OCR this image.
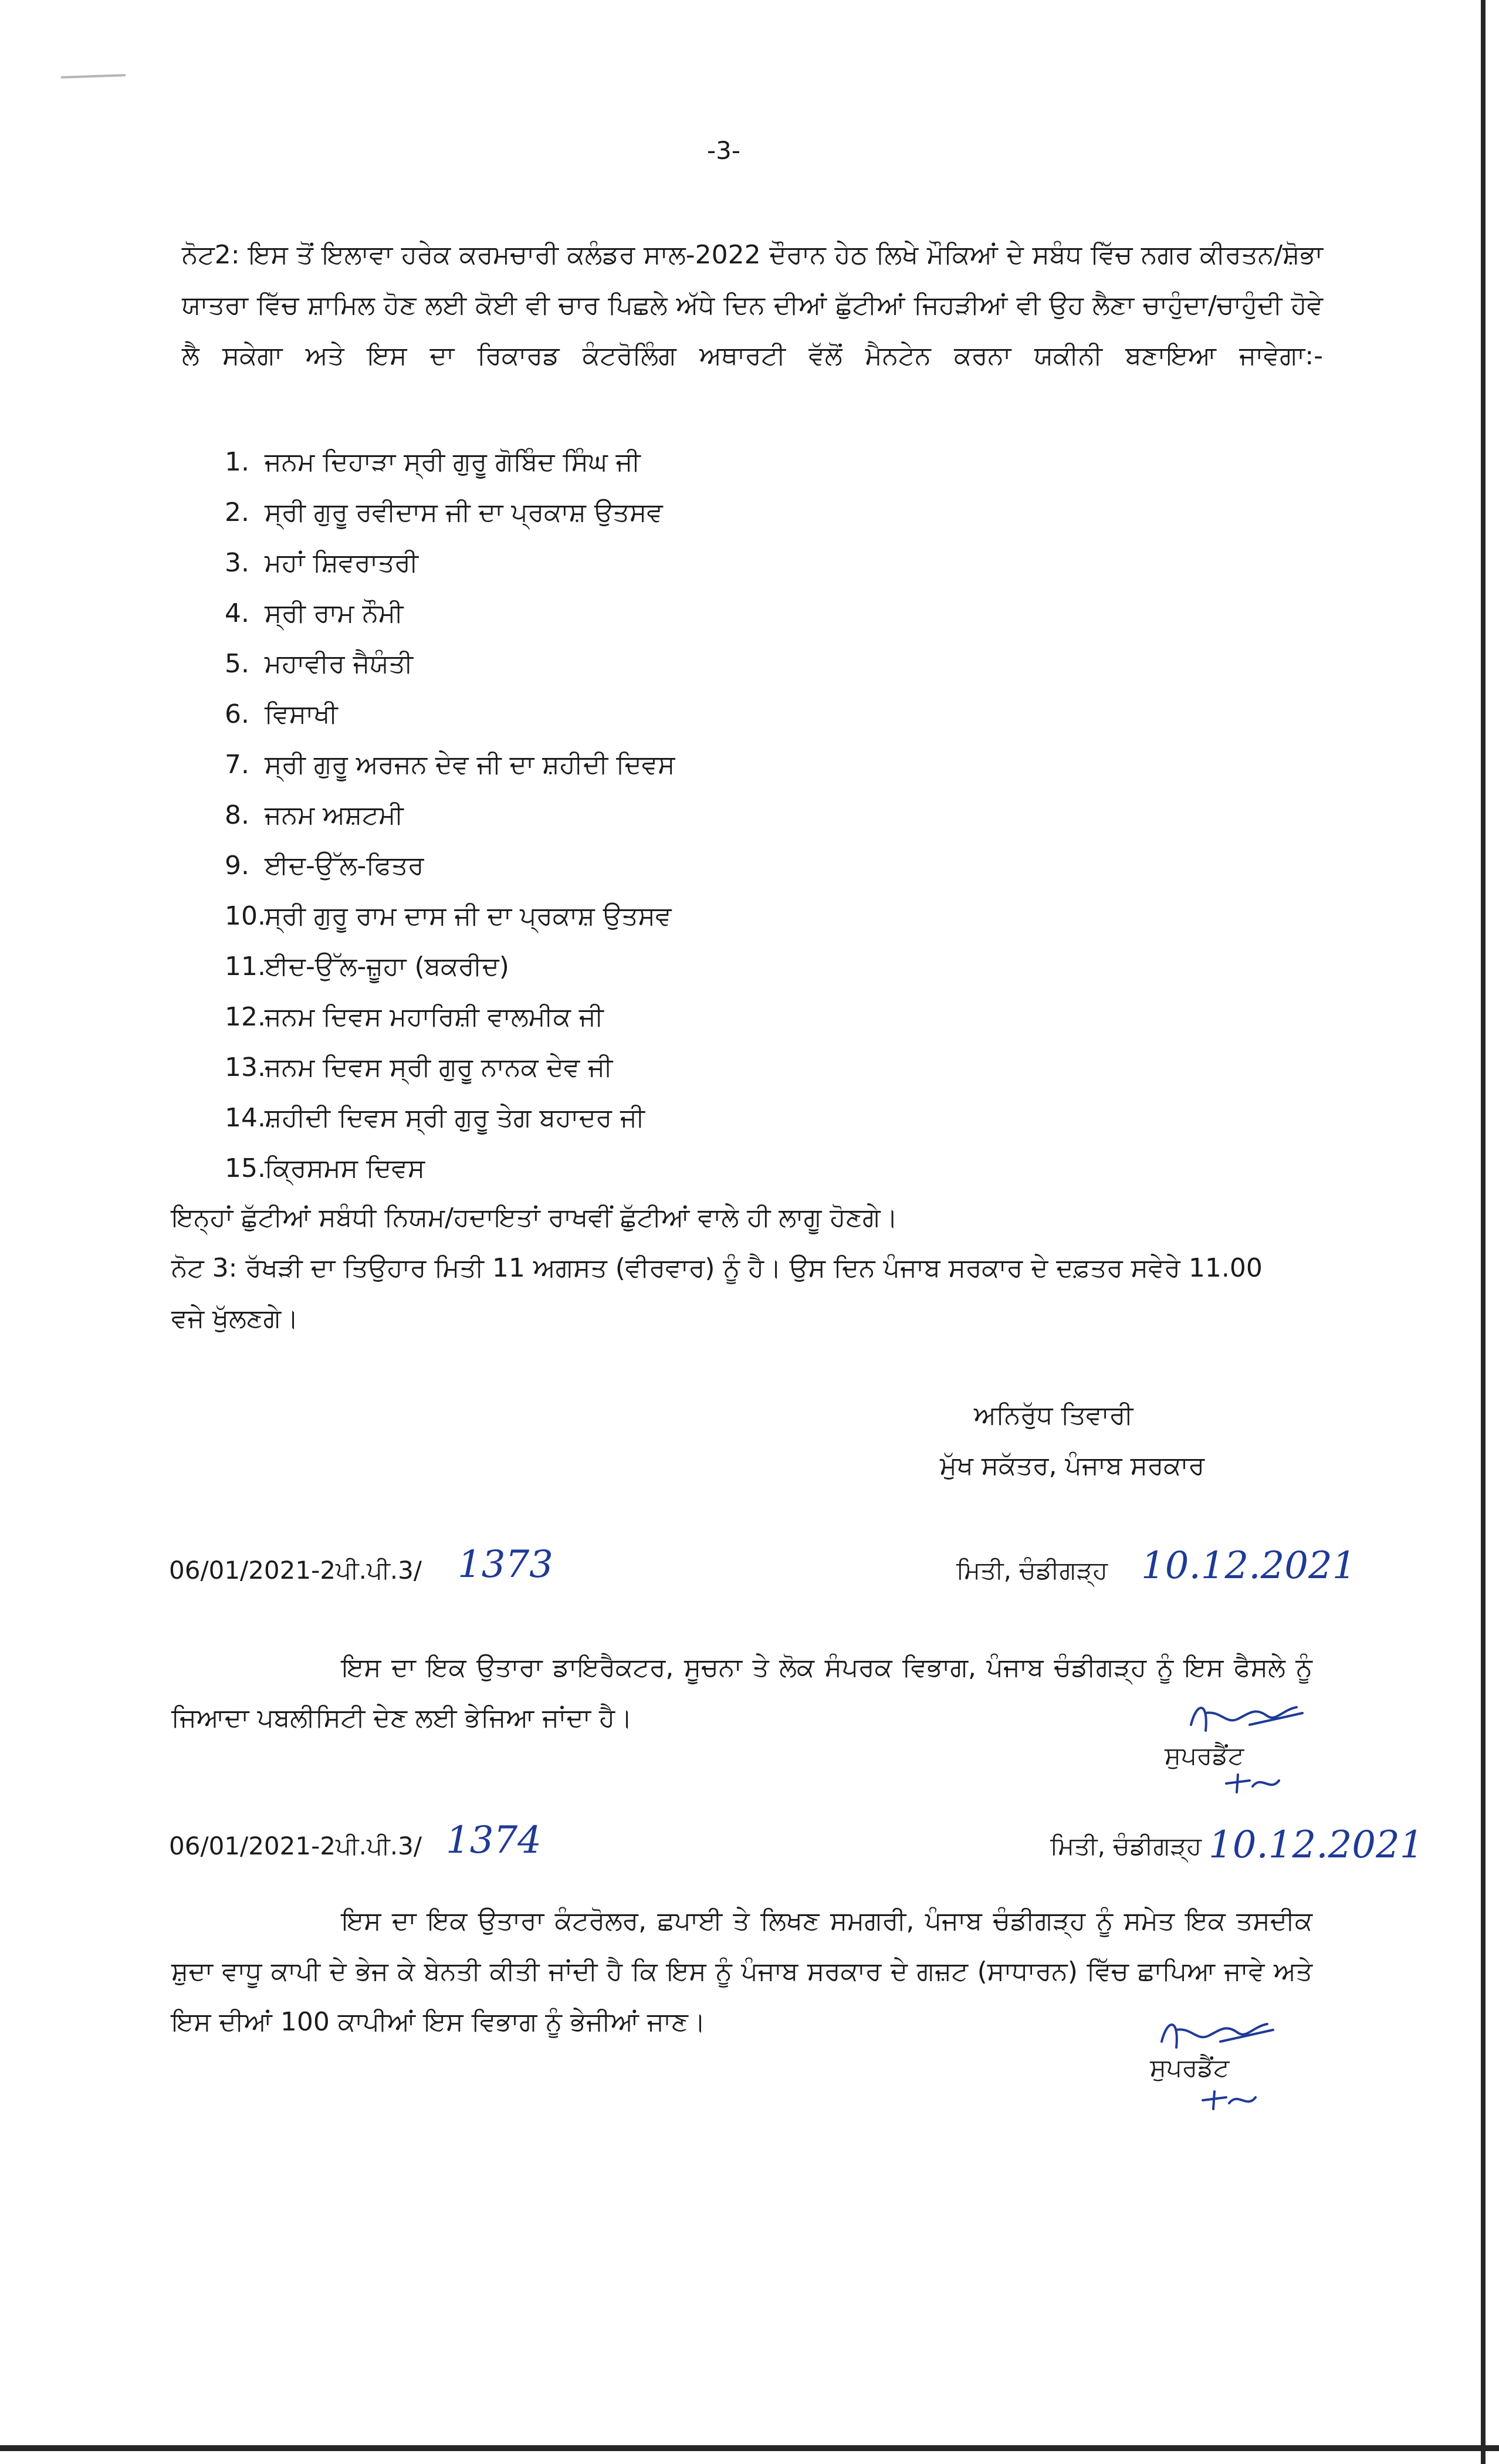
-3-

ਨੋਟ2: ਇਸ ਤੋਂ ਇਲਾਵਾ ਹਰੇਕ ਕਰਮਚਾਰੀ ਕਲੰਡਰ ਸਾਲ-2022 ਦੌਰਾਨ ਹੇਠ ਲਿਖੇ ਮੌਕਿਆਂ ਦੇ ਸਬੰਧ ਵਿੱਚ ਨਗਰ ਕੀਰਤਨ/ਸ਼ੋਭਾ ਯਾਤਰਾ ਵਿੱਚ ਸ਼ਾਮਿਲ ਹੋਣ ਲਈ ਕੋਈ ਵੀ ਚਾਰ ਪਿਛਲੇ ਅੱਧੇ ਦਿਨ ਦੀਆਂ ਛੁੱਟੀਆਂ ਜਿਹੜੀਆਂ ਵੀ ਉਹ ਲੈਣਾ ਚਾਹੁੰਦਾ/ਚਾਹੁੰਦੀ ਹੋਵੇ ਲੈ ਸਕੇਗਾ ਅਤੇ ਇਸ ਦਾ ਰਿਕਾਰਡ ਕੰਟਰੋਲਿੰਗ ਅਥਾਰਟੀ ਵੱਲੋਂ ਮੈਨਟੇਨ ਕਰਨਾ ਯਕੀਨੀ ਬਣਾਇਆ ਜਾਵੇਗਾ:-

1. ਜਨਮ ਦਿਹਾੜਾ ਸ੍ਰੀ ਗੁਰੂ ਗੋਬਿੰਦ ਸਿੰਘ ਜੀ
2. ਸ੍ਰੀ ਗੁਰੂ ਰਵੀਦਾਸ ਜੀ ਦਾ ਪ੍ਰਕਾਸ਼ ਉਤਸਵ
3. ਮਹਾਂ ਸ਼ਿਵਰਾਤਰੀ
4. ਸ੍ਰੀ ਰਾਮ ਨੌਮੀ
5. ਮਹਾਵੀਰ ਜੈਯੰਤੀ
6. ਵਿਸਾਖੀ
7. ਸ੍ਰੀ ਗੁਰੂ ਅਰਜਨ ਦੇਵ ਜੀ ਦਾ ਸ਼ਹੀਦੀ ਦਿਵਸ
8. ਜਨਮ ਅਸ਼ਟਮੀ
9. ਈਦ-ਉੱਲ-ਫਿਤਰ
10.ਸ੍ਰੀ ਗੁਰੂ ਰਾਮ ਦਾਸ ਜੀ ਦਾ ਪ੍ਰਕਾਸ਼ ਉਤਸਵ
11.ਈਦ-ਉੱਲ-ਜ਼ੂਹਾ (ਬਕਰੀਦ)
12.ਜਨਮ ਦਿਵਸ ਮਹਾਰਿਸ਼ੀ ਵਾਲਮੀਕ ਜੀ
13.ਜਨਮ ਦਿਵਸ ਸ੍ਰੀ ਗੁਰੂ ਨਾਨਕ ਦੇਵ ਜੀ
14.ਸ਼ਹੀਦੀ ਦਿਵਸ ਸ੍ਰੀ ਗੁਰੂ ਤੇਗ ਬਹਾਦਰ ਜੀ
15.ਕ੍ਰਿਸਮਸ ਦਿਵਸ

ਇਨ੍ਹਾਂ ਛੁੱਟੀਆਂ ਸਬੰਧੀ ਨਿਯਮ/ਹਦਾਇਤਾਂ ਰਾਖਵੀਂ ਛੁੱਟੀਆਂ ਵਾਲੇ ਹੀ ਲਾਗੂ ਹੋਣਗੇ।

ਨੋਟ 3: ਰੱਖੜੀ ਦਾ ਤਿਉਹਾਰ ਮਿਤੀ 11 ਅਗਸਤ (ਵੀਰਵਾਰ) ਨੂੰ ਹੈ। ਉਸ ਦਿਨ ਪੰਜਾਬ ਸਰਕਾਰ ਦੇ ਦਫ਼ਤਰ ਸਵੇਰੇ 11.00 ਵਜੇ ਖੁੱਲਣਗੇ।

ਅਨਿਰੁੱਧ ਤਿਵਾਰੀ
ਮੁੱਖ ਸਕੱਤਰ, ਪੰਜਾਬ ਸਰਕਾਰ
06/01/2021-2ਪੀ.ਪੀ.3/ 1373	ਮਿਤੀ, ਚੰਡੀਗੜ੍ਹ 10.12.2021

ਇਸ ਦਾ ਇਕ ਉਤਾਰਾ ਡਾਇਰੈਕਟਰ, ਸੂਚਨਾ ਤੇ ਲੋਕ ਸੰਪਰਕ ਵਿਭਾਗ, ਪੰਜਾਬ ਚੰਡੀਗੜ੍ਹ ਨੂੰ ਇਸ ਫੈਸਲੇ ਨੂੰ ਜਿਆਦਾ ਪਬਲੀਸਿਟੀ ਦੇਣ ਲਈ ਭੇਜਿਆ ਜਾਂਦਾ ਹੈ।

ਸੁਪਰਡੈਂਟ
06/01/2021-2ਪੀ.ਪੀ.3/ 1374	ਮਿਤੀ, ਚੰਡੀਗੜ੍ਹ 10.12.2021

ਇਸ ਦਾ ਇਕ ਉਤਾਰਾ ਕੰਟਰੋਲਰ, ਛਪਾਈ ਤੇ ਲਿਖਣ ਸਮਗਰੀ, ਪੰਜਾਬ ਚੰਡੀਗੜ੍ਹ ਨੂੰ ਸਮੇਤ ਇਕ ਤਸਦੀਕ ਸ਼ੁਦਾ ਵਾਧੂ ਕਾਪੀ ਦੇ ਭੇਜ ਕੇ ਬੇਨਤੀ ਕੀਤੀ ਜਾਂਦੀ ਹੈ ਕਿ ਇਸ ਨੂੰ ਪੰਜਾਬ ਸਰਕਾਰ ਦੇ ਗਜ਼ਟ (ਸਾਧਾਰਨ) ਵਿੱਚ ਛਾਪਿਆ ਜਾਵੇ ਅਤੇ ਇਸ ਦੀਆਂ 100 ਕਾਪੀਆਂ ਇਸ ਵਿਭਾਗ ਨੂੰ ਭੇਜੀਆਂ ਜਾਣ।

ਸੁਪਰਡੈਂਟ
